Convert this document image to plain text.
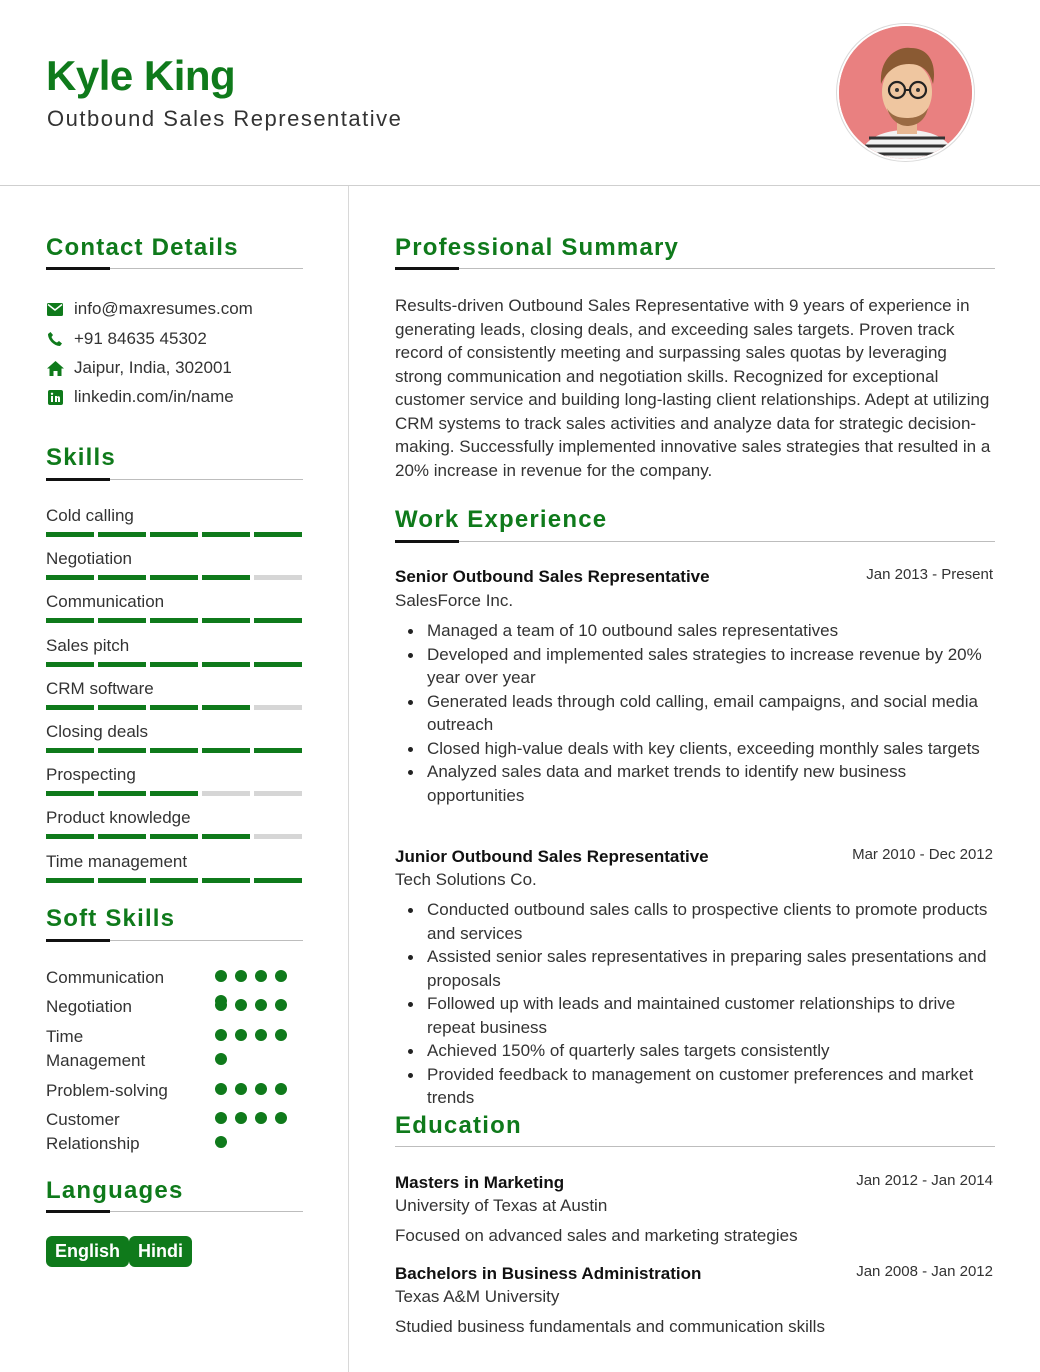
Kyle King
Outbound Sales Representative
Contact Details
info@maxresumes.com
+91 84635 45302
Jaipur, India, 302001
linkedin.com/in/name
Skills
Cold calling
Negotiation
Communication
Sales pitch
CRM software
Closing deals
Prospecting
Product knowledge
Time management
Soft Skills
Communication
Negotiation
Time Management
Problem-solving
Customer Relationship
Languages
English Hindi
Professional Summary
Results-driven Outbound Sales Representative with 9 years of experience in generating leads, closing deals, and exceeding sales targets. Proven track record of consistently meeting and surpassing sales quotas by leveraging strong communication and negotiation skills. Recognized for exceptional customer service and building long-lasting client relationships. Adept at utilizing CRM systems to track sales activities and analyze data for strategic decision-making. Successfully implemented innovative sales strategies that resulted in a 20% increase in revenue for the company.
Work Experience
Senior Outbound Sales Representative	Jan 2013 - Present
SalesForce Inc.
Managed a team of 10 outbound sales representatives
Developed and implemented sales strategies to increase revenue by 20% year over year
Generated leads through cold calling, email campaigns, and social media outreach
Closed high-value deals with key clients, exceeding monthly sales targets
Analyzed sales data and market trends to identify new business opportunities
Junior Outbound Sales Representative	Mar 2010 - Dec 2012
Tech Solutions Co.
Conducted outbound sales calls to prospective clients to promote products and services
Assisted senior sales representatives in preparing sales presentations and proposals
Followed up with leads and maintained customer relationships to drive repeat business
Achieved 150% of quarterly sales targets consistently
Provided feedback to management on customer preferences and market trends
Education
Masters in Marketing	Jan 2012 - Jan 2014
University of Texas at Austin
Focused on advanced sales and marketing strategies
Bachelors in Business Administration	Jan 2008 - Jan 2012
Texas A&M University
Studied business fundamentals and communication skills
